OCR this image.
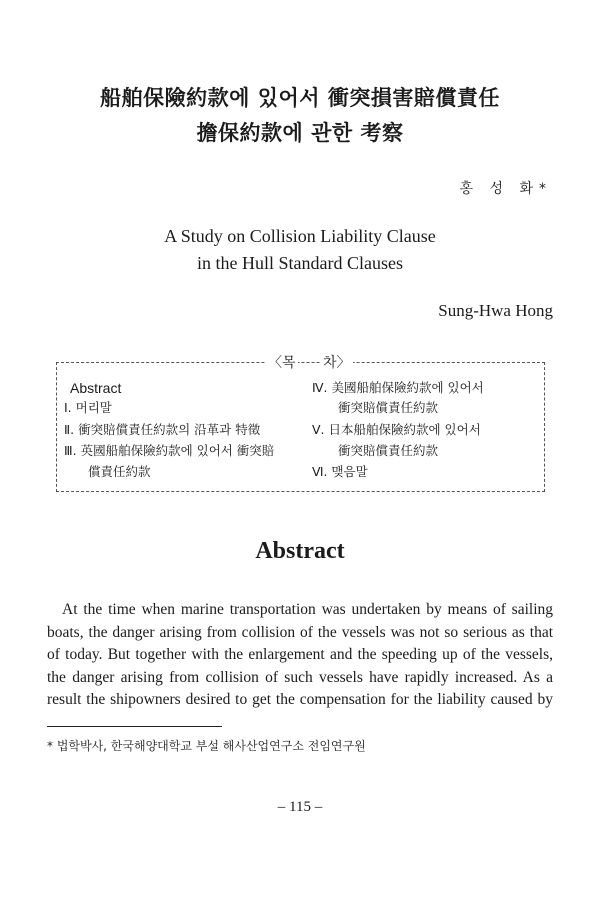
船舶保險約款에 있어서 衝突損害賠償責任
擔保約款에 관한 考察
홍 성 화*
A Study on Collision Liability Clause
in the Hull Standard Clauses
Sung-Hwa Hong
〈목 차〉
Abstract
Ⅰ. 머리말
Ⅱ. 衝突賠償責任約款의 沿革과 特徵
Ⅲ. 英國船舶保險約款에 있어서 衝突賠
償責任約款
Ⅳ. 美國船舶保險約款에 있어서
衝突賠償責任約款
Ⅴ. 日本船舶保險約款에 있어서
衝突賠償責任約款
Ⅵ. 맺음말
Abstract
At the time when marine transportation was undertaken by means of sailing boats, the danger arising from collision of the vessels was not so serious as that of today. But together with the enlargement and the speeding up of the vessels, the danger arising from collision of such vessels have rapidly increased. As a result the shipowners desired to get the compensation for the liability caused by
* 법학박사, 한국해양대학교 부설 해사산업연구소 전임연구원
– 115 –
